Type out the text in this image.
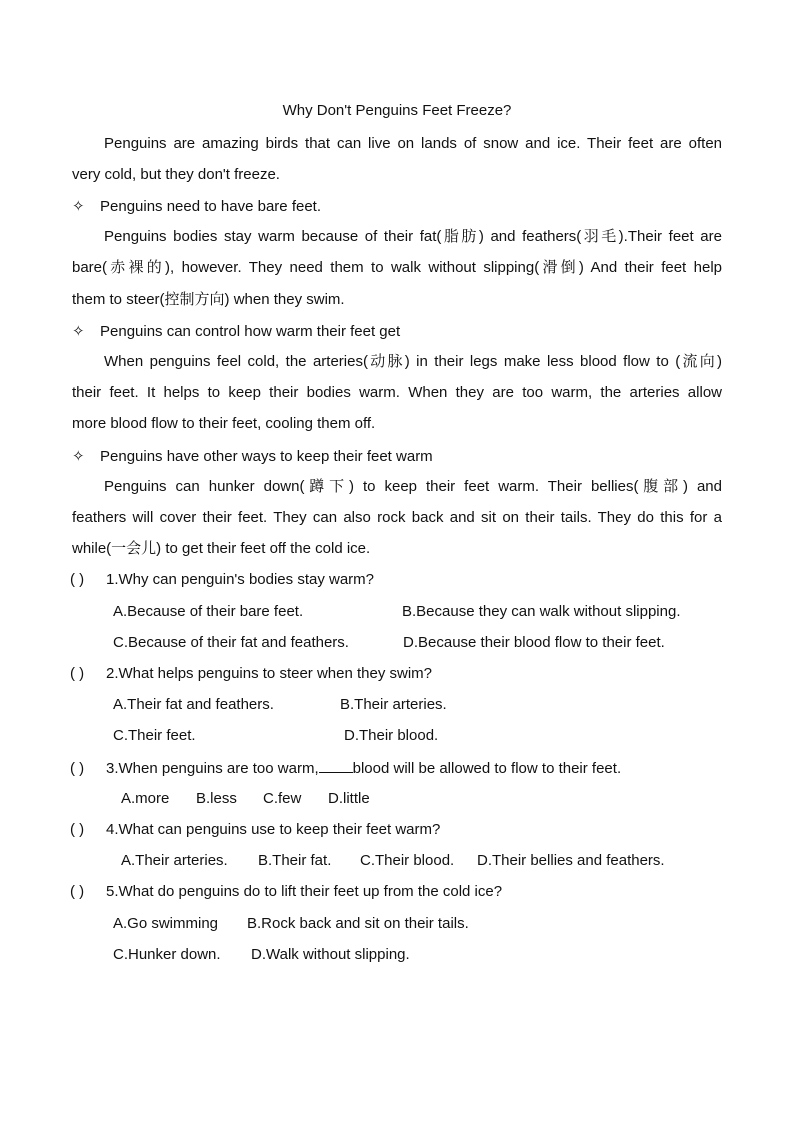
Why Don't Penguins Feet Freeze?
Penguins are amazing birds that can live on lands of snow and ice. Their feet are often
very cold, but they don't freeze.
✧ Penguins need to have bare feet.
Penguins bodies stay warm because of their fat(脂肪) and feathers(羽毛).Their feet are
bare(赤裸的), however. They need them to walk without slipping(滑倒) And their feet help
them to steer(控制方向) when they swim.
✧ Penguins can control how warm their feet get
When penguins feel cold, the arteries(动脉) in their legs make less blood flow to (流向)
their feet. It helps to keep their bodies warm. When they are too warm, the arteries allow
more blood flow to their feet, cooling them off.
✧ Penguins have other ways to keep their feet warm
Penguins can hunker down(蹲下) to keep their feet warm. Their bellies(腹部) and
feathers will cover their feet. They can also rock back and sit on their tails. They do this for a
while(一会儿) to get their feet off the cold ice.
( ) 1.Why can penguin's bodies stay warm?
A.Because of their bare feet.	B.Because they can walk without slipping.
C.Because of their fat and feathers.	D.Because their blood flow to their feet.
( ) 2.What helps penguins to steer when they swim?
A.Their fat and feathers.	B.Their arteries.
C.Their feet.	D.Their blood.
( ) 3.When penguins are too warm, blood will be allowed to flow to their feet.
A.more B.less C.few D.little
( ) 4.What can penguins use to keep their feet warm?
A.Their arteries. B.Their fat. C.Their blood. D.Their bellies and feathers.
( ) 5.What do penguins do to lift their feet up from the cold ice?
A.Go swimming B.Rock back and sit on their tails.
C.Hunker down. D.Walk without slipping.
